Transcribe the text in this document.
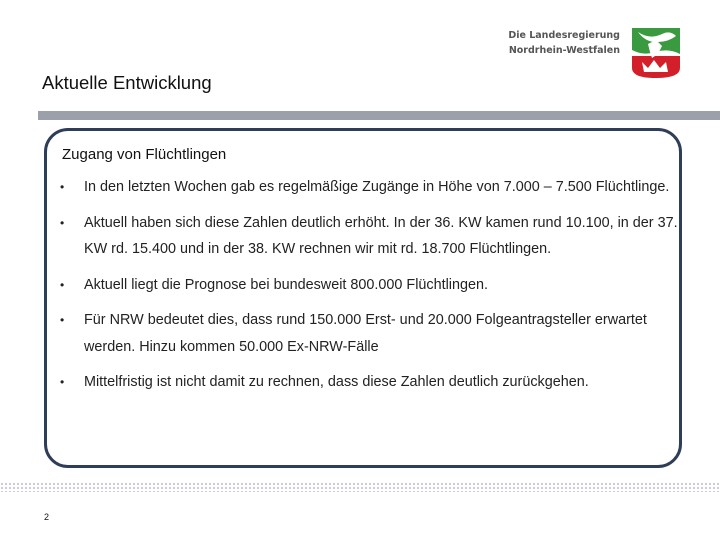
Die Landesregierung
Nordrhein-Westfalen
Aktuelle Entwicklung
Zugang von Flüchtlingen
• In den letzten Wochen gab es regelmäßige Zugänge in Höhe von 7.000 – 7.500 Flüchtlinge.
• Aktuell haben sich diese Zahlen deutlich erhöht. In der 36. KW kamen rund 10.100, in der 37. KW rd. 15.400 und in der 38. KW rechnen wir mit rd. 18.700 Flüchtlingen.
• Aktuell liegt die Prognose bei bundesweit 800.000 Flüchtlingen.
• Für NRW bedeutet dies, dass rund 150.000 Erst- und 20.000 Folgeantragsteller erwartet werden. Hinzu kommen 50.000 Ex-NRW-Fälle
• Mittelfristig ist nicht damit zu rechnen, dass diese Zahlen deutlich zurückgehen.
2
